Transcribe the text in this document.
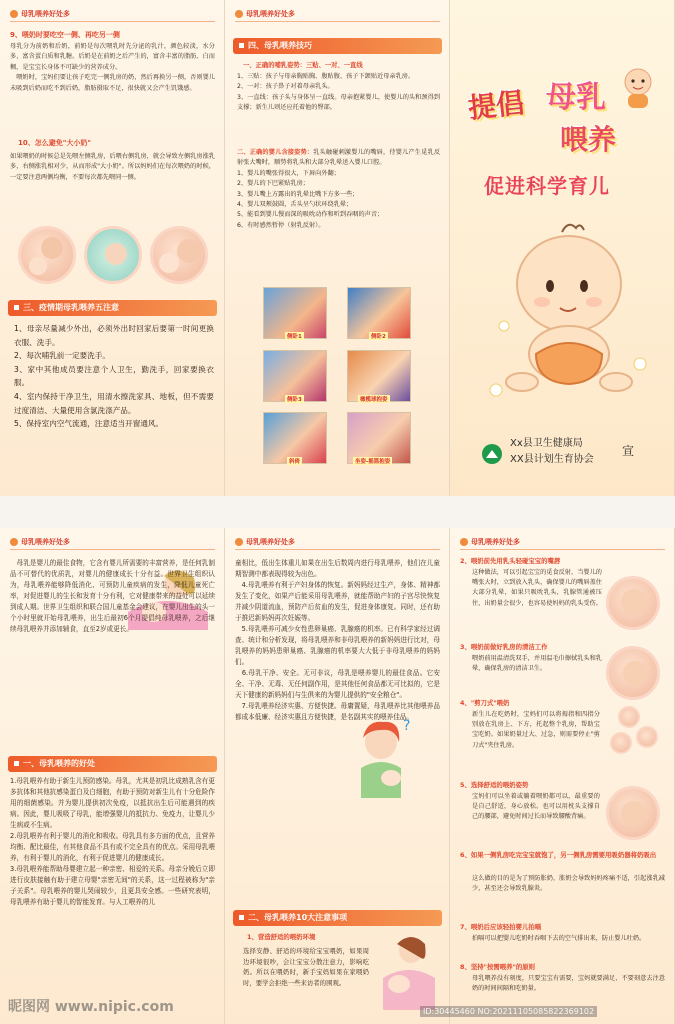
母乳喂养好处多
9、喂奶时要吃空一侧、再吃另一侧
母乳分为前奶和后奶，前奶是每次喂乳时先分泌的乳汁，颜色较淡，水分多，富含蛋白质和乳糖。后奶是在前奶之后产生的，富含丰富的脂肪、白而稠，是宝宝长身体不可缺少的营养成分。
　喂奶时，宝妈们要让孩子吃完一侧乳房的奶，然后再换另一侧，否则婴儿未吸到后奶而吃不到后奶，脂肪摄取不足，很快就又会产生饥饿感。
10、怎么避免"大小奶"
如果喂奶的时候总是先喂左侧乳房，后喂右侧乳房，就会导致左侧乳房涨乳多，右侧涨乳相对少，从而形成"大小奶"。所以妈妈们在每次喂奶的时候，一定要注意两侧均衡，不要每次都先喂同一侧。
三、疫情期母乳喂养五注意
1、母亲尽量减少外出，必须外出时回家后要第一时间更换衣服、洗手。
2、每次哺乳前一定要洗手。
3、家中其他成员要注意个人卫生，勤洗手，回家要换衣服。
4、室内保持干净卫生，用清水擦洗家具、地板，但不需要过度清洁、大量使用含氯洗涤产品。
5、保持室内空气流通，注意适当开窗通风。
母乳喂养好处多
四、母乳喂养技巧
一、正确的哺乳姿势：三贴、一对、一直线
1、三贴：孩子与母亲胸贴胸、腹贴腹、孩子下颌贴近母亲乳房。
2、一对：孩子鼻子对着母亲乳头。
3、一直线：孩子头与身体呈一直线。母亲抱紧婴儿，使婴儿的头和颈得到支撑；新生儿则还应托着他的臀部。
二、正确的婴儿含接姿势：乳头触碰刺激婴儿的嘴唇，待婴儿产生觅乳反射张大嘴时，顺势将乳头和大部分乳晕送入婴儿口腔。
1、婴儿的嘴张得很大，下唇向外翻；
2、婴儿的下巴紧贴乳房；
3、婴儿嘴上方露出的乳晕比嘴下方多一些；
4、婴儿双颊鼓圆，舌头呈勺状环绕乳晕；
5、能看到婴儿慢而深的吸吮动作和听到吞咽的声音；
6、有时感然暂停（射乳反射）。
侧卧1	侧卧2
侧卧3	橄榄球抱姿
斜倚	坐姿-摇篮抱姿
提倡 母乳
喂养
促进科学育儿
Xx县卫生健康局
XX县计划生育协会
宣
母乳喂养好处多
　母乳是婴儿的最佳食物，它含有婴儿所需要的丰富营养，是任何乳制品不可替代的优质乳，对婴儿的健康成长十分有益。世界卫生组织认为，母乳喂养能够降低消化、可预防儿童疾病的发生，降低儿童死亡率，对促进婴儿的生长和发育十分有利，它对健康带来的益处可以延续到成人期。世界卫生组织和联合国儿童基金会建议，在婴儿出生的头一个小时里就开始母乳喂养，出生后最初6个月提倡纯母乳喂养，之后继续母乳喂养并添加辅食，直至2岁或更长。
一、母乳喂养的好处
1.母乳喂养有助于新生儿预防感染。母乳，尤其是初乳比成熟乳含有更多抗体和其他抗感染蛋白及白细胞，有助于预防对新生儿有十分危险作用的细菌感染。并为婴儿提供初次免疫，以抵抗出生后可能遇到的疾病。因此，婴儿吸吸了母乳，能增强婴儿的抵抗力、免疫力，让婴儿少生病或不生病。
2.母乳喂养有利于婴儿的消化和吸收。母乳具有多方面的优点，且营养均衡、配比最佳，有其他食品不具有或不完全具有的优点。采用母乳喂养，有利于婴儿的消化，有利于促进婴儿的健康成长。
3.母乳喂养能帮助母婴建立起一种亲密、相爱的关系。母亲分娩后立即进行皮肤接触有助于建立母婴"亲密无间"的关系，这一过程被称为"亲子关系"。母乳喂养的婴儿哭闹较少，且更具安全感。一些研究表明，母乳喂养有助于婴儿的智能发育。与人工喂养的儿
母乳喂养好处多
童相比，低出生体重儿如果在出生后数周内进行母乳喂养，他们在儿童期智测中都表现得较为出色。
　4.母乳喂养有利于产妇身体的恢复。新妈妈经过生产，身体、精神都发生了变化，如果产后能采用母乳喂养，就能帮助产妇的子宫尽快恢复并减少阴道流血，预防产后贫血的发生，促进身体康复。同时，还有助于推迟新妈妈再次妊娠等。
　5.母乳喂养可减少女性患卵巢癌、乳腺癌的机率。已有科学家经过调查、统计和分析发现，将母乳喂养和非母乳喂养的新妈妈进行比对，母乳喂养的妈妈患卵巢癌、乳腺癌的机率要大大低于非母乳喂养的妈妈们。
　6.母乳干净、安全。无可非议，母乳是喂养婴儿的最佳食品。它安全、干净、无毒、无任何副作用，是其他任何食品都无可比拟的，它是天下健康的新妈妈们与生俱来的为婴儿提供的"安全粮仓"。
　7.母乳喂养经济实惠、方便快捷。毋庸置疑，母乳喂养比其他喂养品都成本低廉、经济实惠且方便快捷，是名副其实的喂养佳品。
?
二、母乳喂养10大注意事项
1、营造舒适的喂奶环境
选择安静、舒适的环境给宝宝喂奶，如果周边环境很吵，会让宝宝分散注意力，影响吃奶。所以在喂奶时，新手宝妈如果在家喂奶时，要学会拒绝一些来访者的围观。
母乳喂养好处多
2、喂奶前先用乳头轻碰宝宝的嘴唇
这种做法，可以引起宝宝的觅食反射，当婴儿的嘴张大时，立到放入乳头，确保婴儿的嘴唇盖住大部分乳晕，如果只吸吮乳头，乳腺管通被压住，出奶量会很少，也容易使妈妈的乳头受伤。
3、喂奶前做好乳房的清洁工作
喂奶前用温清洗双手，并用温毛巾擦拭乳头和乳晕，确保乳房的清洁卫生。
4、"剪刀式"喂奶
新生儿在吃奶时，宝妈们可以将拇指和四指分别放在乳房上、下方，托起整个乳房，帮助宝宝吃奶。如果奶量过大、过急，则需要停止"剪刀式"夹住乳房。
5、选择舒适的喂奶姿势
宝妈们可以坐着或躺着喂奶都可以，最重要的是自己舒适，身心放松。也可以用枕头支撑自己的腰部，避免时间过长而导致腰酸背痛。
6、如果一侧乳房吃完宝宝就饱了，另一侧乳房需要用吸奶器将奶吸出
这么做的目的是为了预防胀奶，胀奶会导致妈妈疼痛不适，引起涨乳减少，甚至还会导致乳腺炎。
7、喂奶后应该轻拍婴儿拍嗝
拍嗝可以把婴儿吃奶时吞咽下去的空气排出来，防止婴儿吐奶。
8、坚持"按需喂养"的原则
母乳喂养没有刻度，只要宝宝有需要，宝妈就要满足，不要刻意去注意奶的时间间隔和吃奶量。
昵图网 www.nipic.com	ID:30445460 NO:20211105085822369102
